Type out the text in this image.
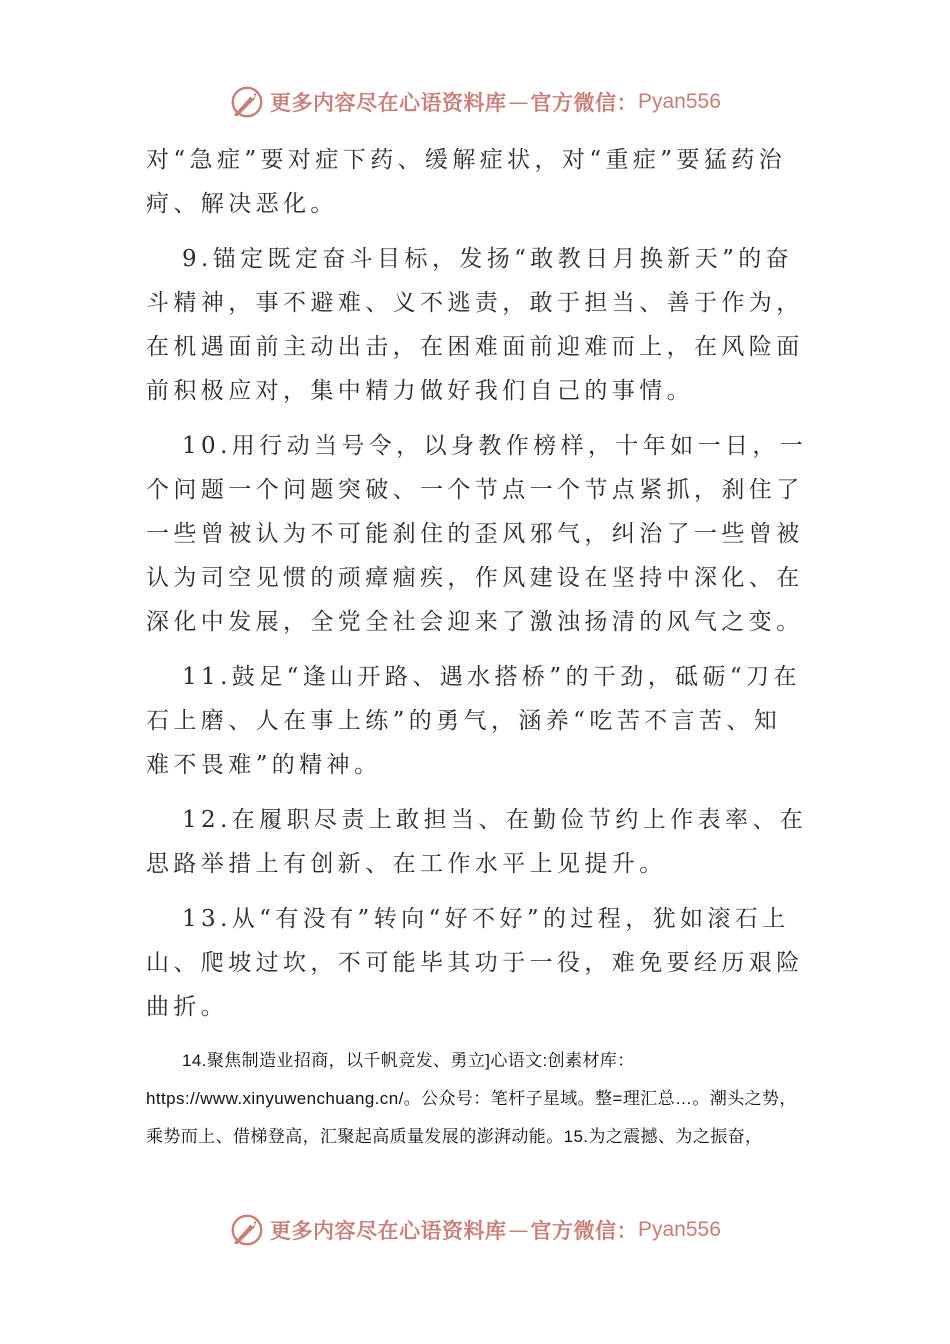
更多内容尽在心语资料库 — 官方微信： Pyan556

对“急症”要对症下药、缓解症状，对“重症”要猛药治疴、解决恶化。

9.锚定既定奋斗目标，发扬“敢教日月换新天”的奋斗精神，事不避难、义不逃责，敢于担当、善于作为，在机遇面前主动出击，在困难面前迎难而上，在风险面前积极应对，集中精力做好我们自己的事情。

10.用行动当号令，以身教作榜样，十年如一日，一个问题一个问题突破、一个节点一个节点紧抓，刹住了一些曾被认为不可能刹住的歪风邪气，纠治了一些曾被认为司空见惯的顽瘴痼疾，作风建设在坚持中深化、在深化中发展，全党全社会迎来了激浊扬清的风气之变。

11.鼓足“逢山开路、遇水搭桥”的干劲，砥砺“刀在石上磨、人在事上练”的勇气，涵养“吃苦不言苦、知难不畏难”的精神。

12.在履职尽责上敢担当、在勤俭节约上作表率、在思路举措上有创新、在工作水平上见提升。

13.从“有没有”转向“好不好”的过程，犹如滚石上山、爬坡过坎，不可能毕其功于一役，难免要经历艰险曲折。

14.聚焦制造业招商，以千帆竞发、勇立]心语文:创素材库：https://www.xinyuwenchuang.cn/。公众号：笔杆子星域。整=理汇总…。潮头之势，乘势而上、借梯登高，汇聚起高质量发展的澎湃动能。15.为之震撼、为之振奋，

更多内容尽在心语资料库 — 官方微信： Pyan556
